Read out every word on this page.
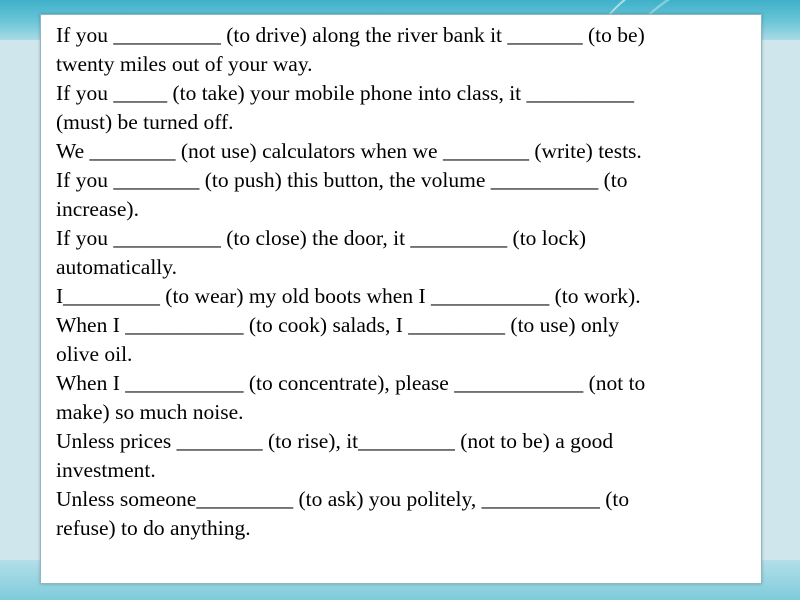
If you __________ (to drive) along the river bank it _______ (to be)
twenty miles out of your way.
If you _____ (to take) your mobile phone into class, it __________
(must) be turned off.
We ________ (not use) calculators when we ________ (write) tests.
If you ________ (to push) this button, the volume __________ (to
increase).
If you __________ (to close) the door, it _________ (to lock)
automatically.
I_________ (to wear) my old boots when I ___________ (to work).
When I ___________ (to cook) salads, I _________ (to use) only
olive oil.
When I ___________ (to concentrate), please ____________ (not to
make) so much noise.
Unless prices ________ (to rise), it_________ (not to be) a good
investment.
Unless someone_________ (to ask) you politely, ___________ (to
refuse) to do anything.
